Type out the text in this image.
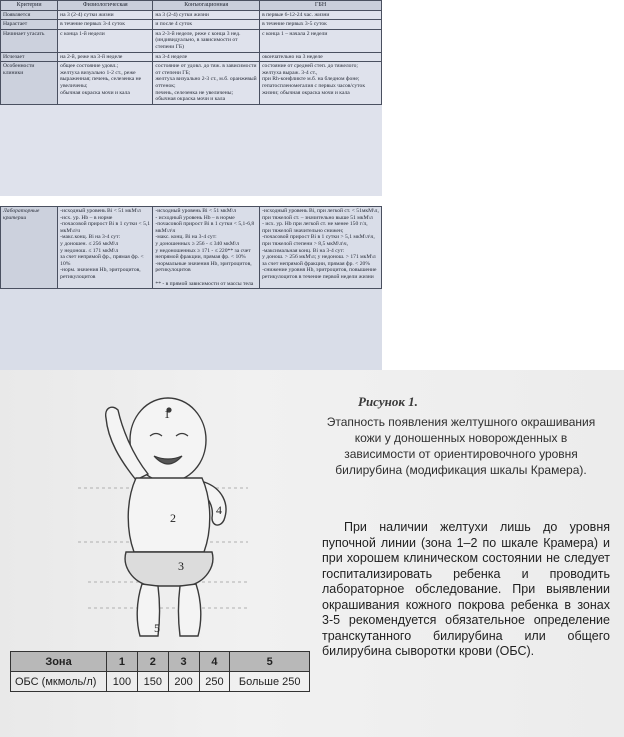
Критерии	Физиологическая	Конъюгационная	ГБН
Появляется	на 3 (2-4) сутки жизни	на 3 (2-4) сутки жизни	в первые 6-12-24 час. жизни
Нарастает	в течение первых 3-4 суток	и после 4 суток	в течение первых 3-5 суток
Начинает угасать	с конца 1-й недели	на 2-3-й неделе, реже с конца 3 нед. (индивидуально, в зависимости от степени ГБ)	с конца 1 – начала 2 недели
Исчезает	на 2-й, реже на 3-й неделе	на 3-4 неделе	окончательно на 3 неделе
Особенности клиники	общее состояние удовл.;
желтуха визуально 1-2 ст., реже выраженная; печень, селезенка не увеличены;
обычная окраска мочи и кала	состояние от удовл. до тяж. в зависимости от степени ГБ;
желтуха визуально 2-3 ст., м.б. оранжевый оттенок;
печень, селезенка не увеличены;
обычная окраска мочи и кала	состояние от средней степ. до тяжелого;
желтуха выраж. 3-4 ст.,
при Rh-конфликте м.б. на бледном фоне;
гепатоспленомегалия с первых часов/суток жизни; обычная окраска мочи и кала
Лабораторные критерии	-исходный уровень Bi < 51 мкМ\л
-исх. ур. Hb – в норме
-почасовой прирост Bi в 1 сутки < 5,1 мкМ\л\ч
-макс.конц. Bi на 3-4 сут:
у доношен. ≤ 256 мкМ\л
у недонош. ≤ 171 мкМ\л
за счет непрямой фр., прямая фр. < 10%
-норм. значения Hb, эритроцитов, ретикулоцитов	-исходный уровень Bi < 51 мкМ\л
- исходный уровень Hb – в норме
-почасовой прирост Bi в 1 сутки < 5,1-6,8 мкМ\л\ч
-макс. конц. Bi на 3-4 сут:
у доношенных ≥ 256 - ≤ 340 мкМ\л
у недоношенных ≥ 171 - ≤ 220** за счет непрямой фракции, прямая фр. < 10%
-нормальные значения Hb, эритроцитов, ретикулоцитов

** - в прямой зависимости от массы тела	-исходный уровень Bi, при легкой ст. < 51мкМ\л,
при тяжелой ст. – значительно выше 51 мкМ\л
- исх. ур. Hb при легкой ст. не менее 150 г/л,
при тяжелой значительно снижен;
-почасовой прирост Bi в 1 сутки > 5,1 мкМ\л\ч,
при тяжелой степени > 8,5 мкМ\л\ч,
-максимальная конц. Bi на 3-4 сут:
у донош. > 256 мкМ\л; у недонош. > 171 мкМ\л
за счет непрямой фракции, прямая фр. < 20%
-снижение уровня Hb, эритроцитов, повышение ретикулоцитов в течение первой недели жизни
1
2
3
4
5
Рисунок 1.
Этапность появления желтушного окрашивания кожи у доношенных новорожденных в зависимости от ориентировочного уровня билирубина (модификация шкалы Крамера).

При наличии желтухи лишь до уровня пупочной линии (зона 1–2 по шкале Крамера) и при хорошем клиническом состоянии не следует госпитализировать ребенка и проводить лабораторное обследование. При выявлении окрашивания кожного покрова ребенка в зонах 3-5 рекомендуется обязательное определение транскутанного билирубина или общего билирубина сыворотки крови (ОБС).

Зона	1	2	3	4	5
ОБС (мкмоль/л)	100	150	200	250	Больше 250
